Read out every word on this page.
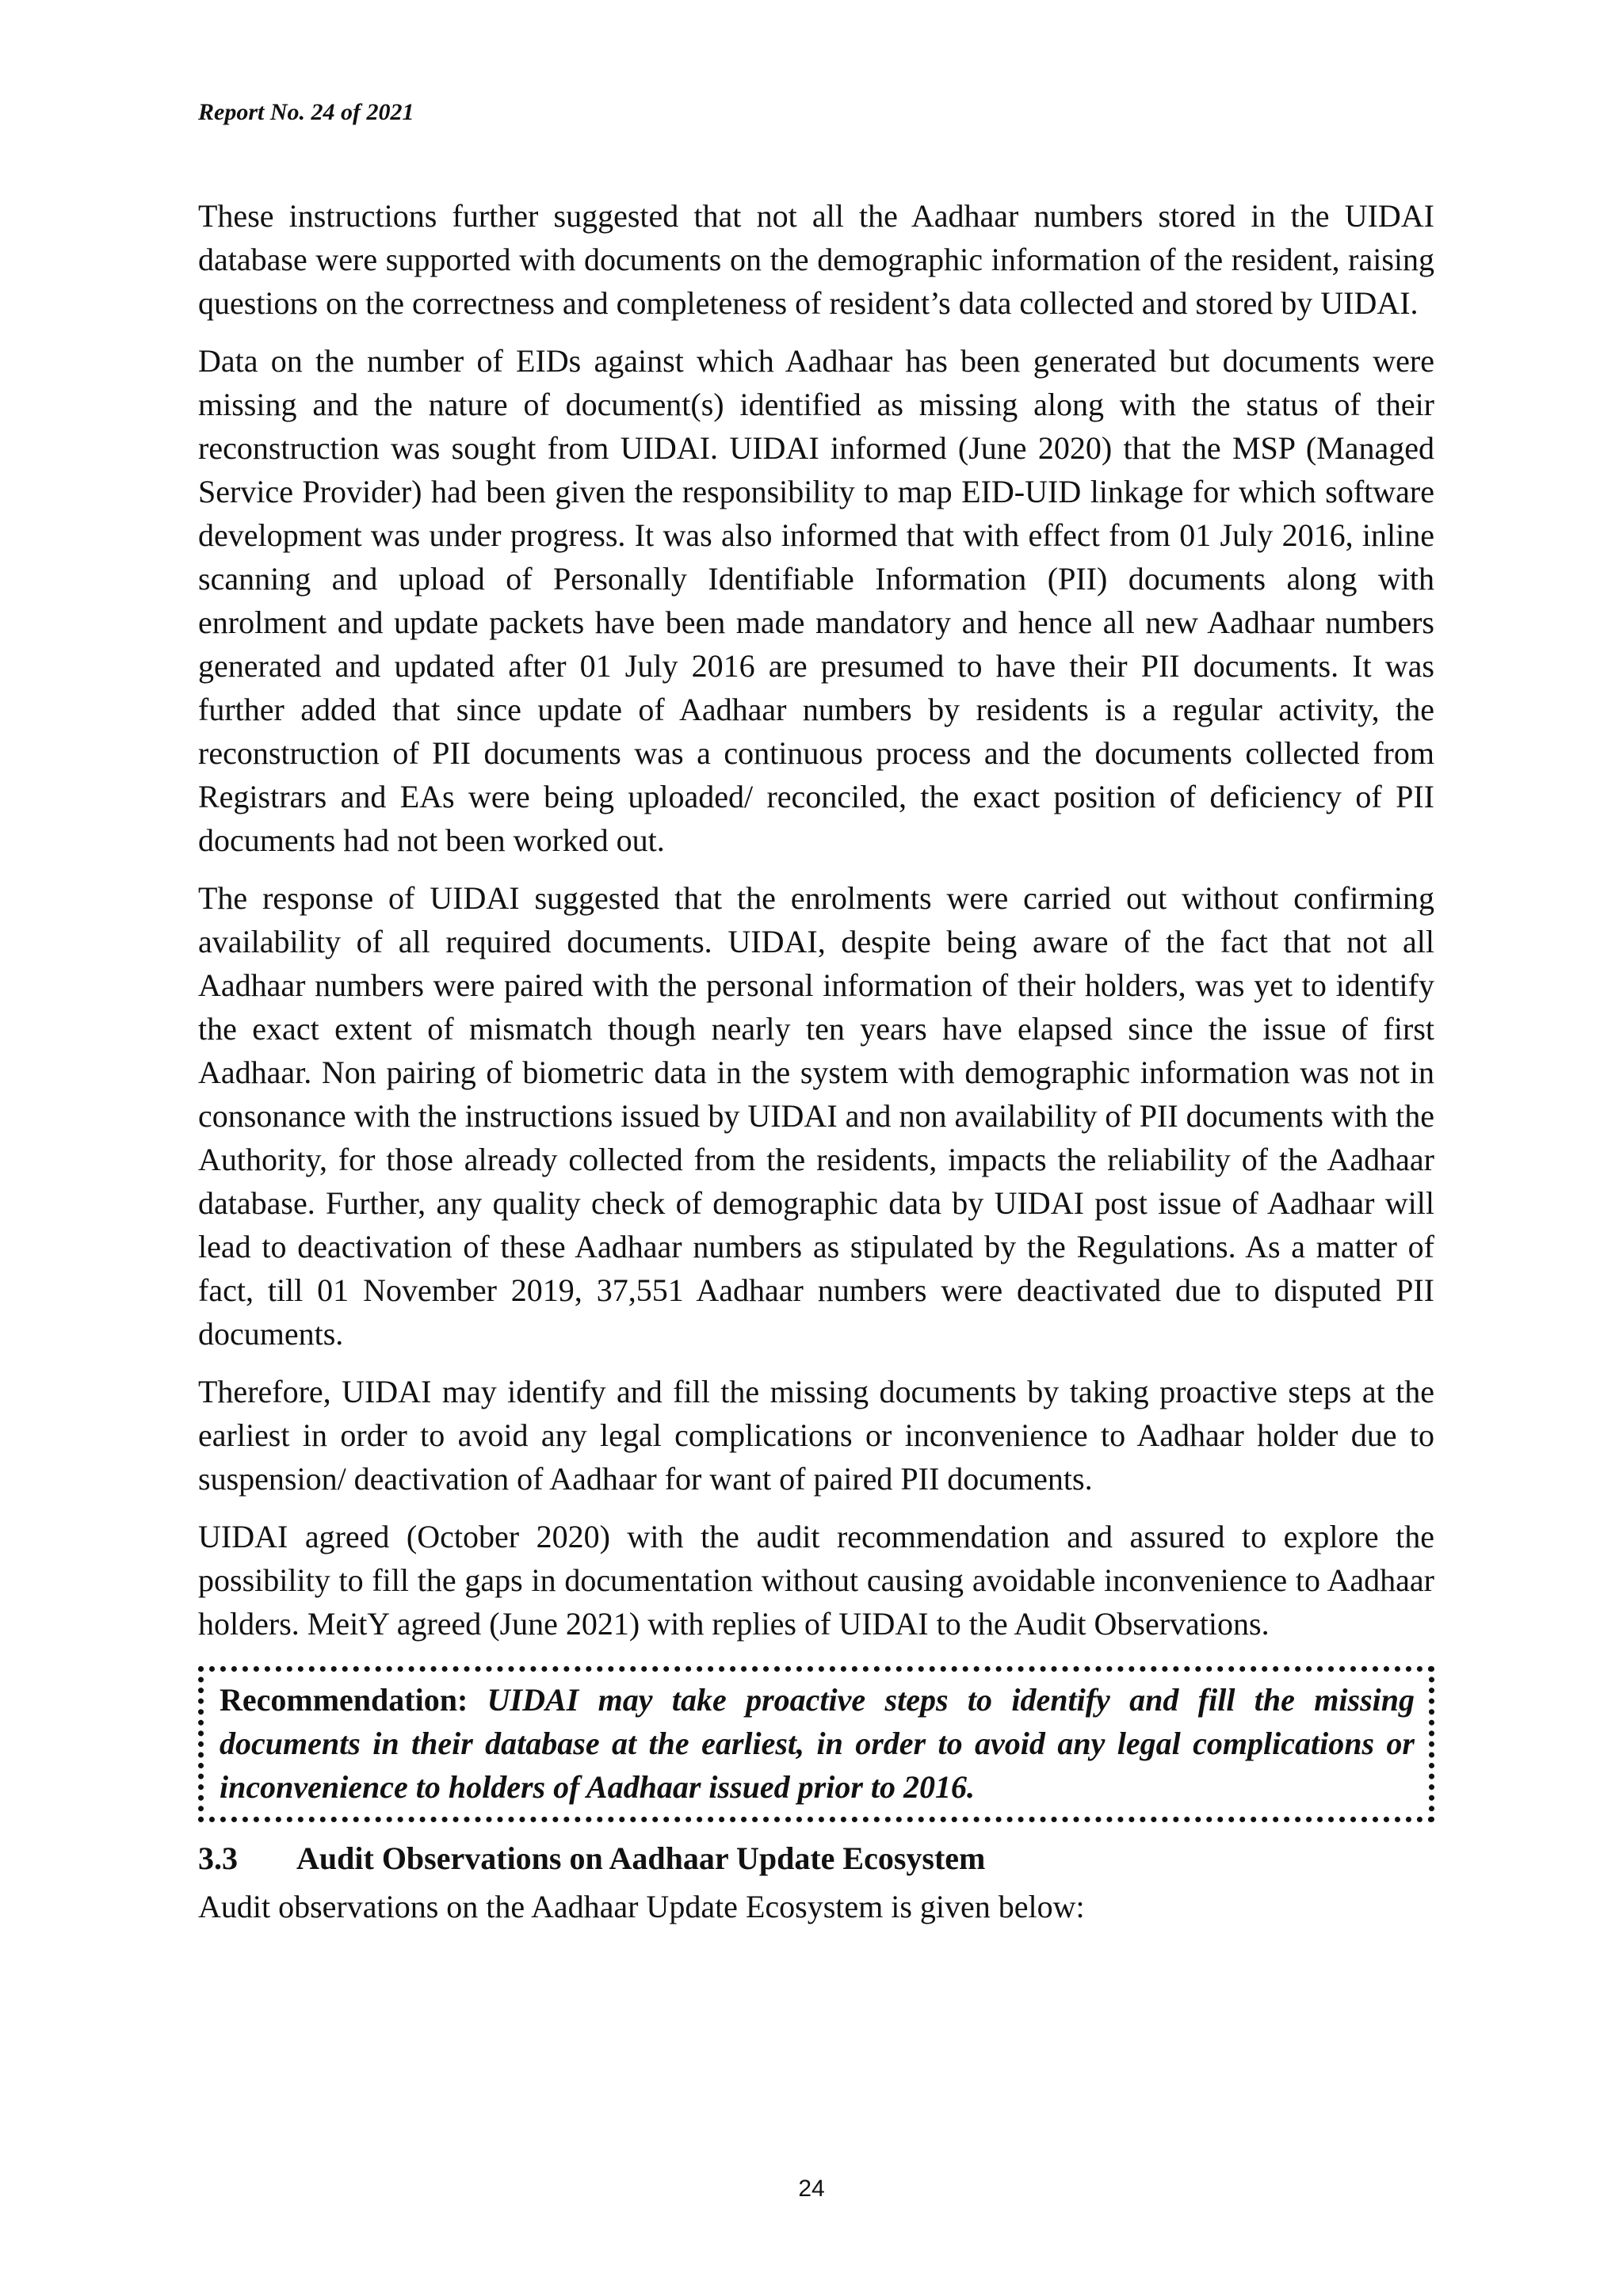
Report No. 24 of 2021

These instructions further suggested that not all the Aadhaar numbers stored in the UIDAI database were supported with documents on the demographic information of the resident, raising questions on the correctness and completeness of resident’s data collected and stored by UIDAI.

Data on the number of EIDs against which Aadhaar has been generated but documents were missing and the nature of document(s) identified as missing along with the status of their reconstruction was sought from UIDAI. UIDAI informed (June 2020) that the MSP (Managed Service Provider) had been given the responsibility to map EID-UID linkage for which software development was under progress. It was also informed that with effect from 01 July 2016, inline scanning and upload of Personally Identifiable Information (PII) documents along with enrolment and update packets have been made mandatory and hence all new Aadhaar numbers generated and updated after 01 July 2016 are presumed to have their PII documents. It was further added that since update of Aadhaar numbers by residents is a regular activity, the reconstruction of PII documents was a continuous process and the documents collected from Registrars and EAs were being uploaded/ reconciled, the exact position of deficiency of PII documents had not been worked out.

The response of UIDAI suggested that the enrolments were carried out without confirming availability of all required documents. UIDAI, despite being aware of the fact that not all Aadhaar numbers were paired with the personal information of their holders, was yet to identify the exact extent of mismatch though nearly ten years have elapsed since the issue of first Aadhaar. Non pairing of biometric data in the system with demographic information was not in consonance with the instructions issued by UIDAI and non availability of PII documents with the Authority, for those already collected from the residents, impacts the reliability of the Aadhaar database. Further, any quality check of demographic data by UIDAI post issue of Aadhaar will lead to deactivation of these Aadhaar numbers as stipulated by the Regulations. As a matter of fact, till 01 November 2019, 37,551 Aadhaar numbers were deactivated due to disputed PII documents.

Therefore, UIDAI may identify and fill the missing documents by taking proactive steps at the earliest in order to avoid any legal complications or inconvenience to Aadhaar holder due to suspension/ deactivation of Aadhaar for want of paired PII documents.

UIDAI agreed (October 2020) with the audit recommendation and assured to explore the possibility to fill the gaps in documentation without causing avoidable inconvenience to Aadhaar holders. MeitY agreed (June 2021) with replies of UIDAI to the Audit Observations.

Recommendation: UIDAI may take proactive steps to identify and fill the missing documents in their database at the earliest, in order to avoid any legal complications or inconvenience to holders of Aadhaar issued prior to 2016.
3.3 Audit Observations on Aadhaar Update Ecosystem

Audit observations on the Aadhaar Update Ecosystem is given below:

24
